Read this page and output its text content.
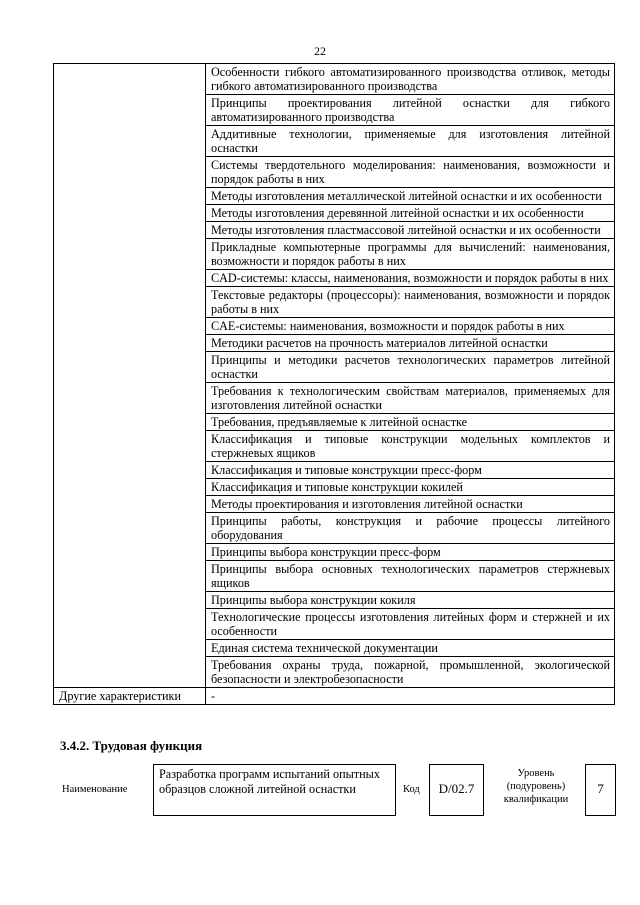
22
	Особенности гибкого автоматизированного производства отливок, методы гибкого автоматизированного производства
	Принципы проектирования литейной оснастки для гибкого автоматизированного производства
	Аддитивные технологии, применяемые для изготовления литейной оснастки
	Системы твердотельного моделирования: наименования, возможности и порядок работы в них
	Методы изготовления металлической литейной оснастки и их особенности
	Методы изготовления деревянной литейной оснастки и их особенности
	Методы изготовления пластмассовой литейной оснастки и их особенности
	Прикладные компьютерные программы для вычислений: наименования, возможности и порядок работы в них
	CAD-системы: классы, наименования, возможности и порядок работы в них
	Текстовые редакторы (процессоры): наименования, возможности и порядок работы в них
	CAE-системы: наименования, возможности и порядок работы в них
	Методики расчетов на прочность материалов литейной оснастки
	Принципы и методики расчетов технологических параметров литейной оснастки
	Требования к технологическим свойствам материалов, применяемых для изготовления литейной оснастки
	Требования, предъявляемые к литейной оснастке
	Классификация и типовые конструкции модельных комплектов и стержневых ящиков
	Классификация и типовые конструкции пресс-форм
	Классификация и типовые конструкции кокилей
	Методы проектирования и изготовления литейной оснастки
	Принципы работы, конструкция и рабочие процессы литейного оборудования
	Принципы выбора конструкции пресс-форм
	Принципы выбора основных технологических параметров стержневых ящиков
	Принципы выбора конструкции кокиля
	Технологические процессы изготовления литейных форм и стержней и их особенности
	Единая система технической документации
	Требования охраны труда, пожарной, промышленной, экологической безопасности и электробезопасности
Другие характеристики	-
3.4.2. Трудовая функция
Наименование
Разработка программ испытаний опытных образцов сложной литейной оснастки	Код	D/02.7
Уровень
(подуровень)
квалификации
7
